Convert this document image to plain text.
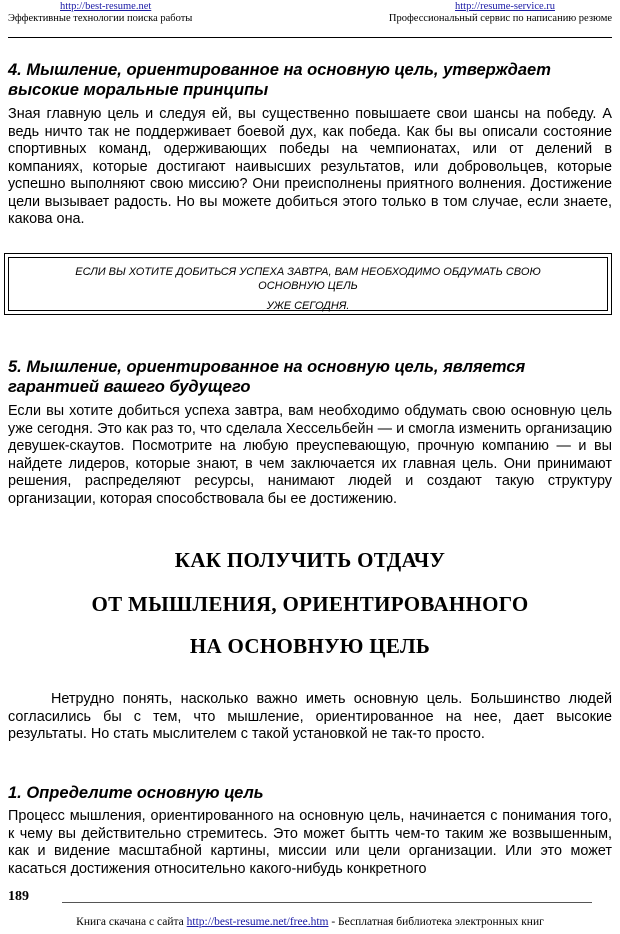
http://best-resume.net
Эффективные технологии поиска работы
http://resume-service.ru
Профессиональный сервис по написанию резюме
4. Мышление, ориентированное на основную цель, утверждает высокие моральные принципы

Зная главную цель и следуя ей, вы существенно повышаете свои шансы на победу. А ведь ничто так не поддерживает боевой дух, как победа. Как бы вы описали состояние спортивных команд, одерживающих победы на чемпионатах, или от делений в компаниях, которые достигают наивысших результатов, или добровольцев, которые успешно выполняют свою миссию? Они преисполнены приятного волнения. Достижение цели вызывает радость. Но вы можете добиться этого только в том случае, если знаете, какова она.

ЕСЛИ ВЫ ХОТИТЕ ДОБИТЬСЯ УСПЕХА ЗАВТРА, ВАМ НЕОБХОДИМО ОБДУМАТЬ СВОЮ
ОСНОВНУЮ ЦЕЛЬ
УЖЕ СЕГОДНЯ.
5. Мышление, ориентированное на основную цель, является гарантией вашего будущего

Если вы хотите добиться успеха завтра, вам необходимо обдумать свою основную цель уже сегодня. Это как раз то, что сделала Хессельбейн — и смогла изменить организацию девушек-скаутов. Посмотрите на любую преуспевающую, прочную компанию — и вы найдете лидеров, которые знают, в чем заключается их главная цель. Они принимают решения, распределяют ресурсы, нанимают людей и создают такую структуру организации, которая способствовала бы ее достижению.

КАК ПОЛУЧИТЬ ОТДАЧУ
ОТ МЫШЛЕНИЯ, ОРИЕНТИРОВАННОГО
НА ОСНОВНУЮ ЦЕЛЬ

Нетрудно понять, насколько важно иметь основную цель. Большинство людей согласились бы с тем, что мышление, ориентированное на нее, дает высокие результаты. Но стать мыслителем с такой установкой не так-то просто.

1. Определите основную цель

Процесс мышления, ориентированного на основную цель, начинается с понимания того, к чему вы действительно стремитесь. Это может бытть чем-то таким же возвышенным, как и видение масштабной картины, миссии или цели организации. Или это может касаться достижения относительно какого-нибудь конкретного

189
Книга скачана с сайта http://best-resume.net/free.htm - Бесплатная библиотека электронных книг
